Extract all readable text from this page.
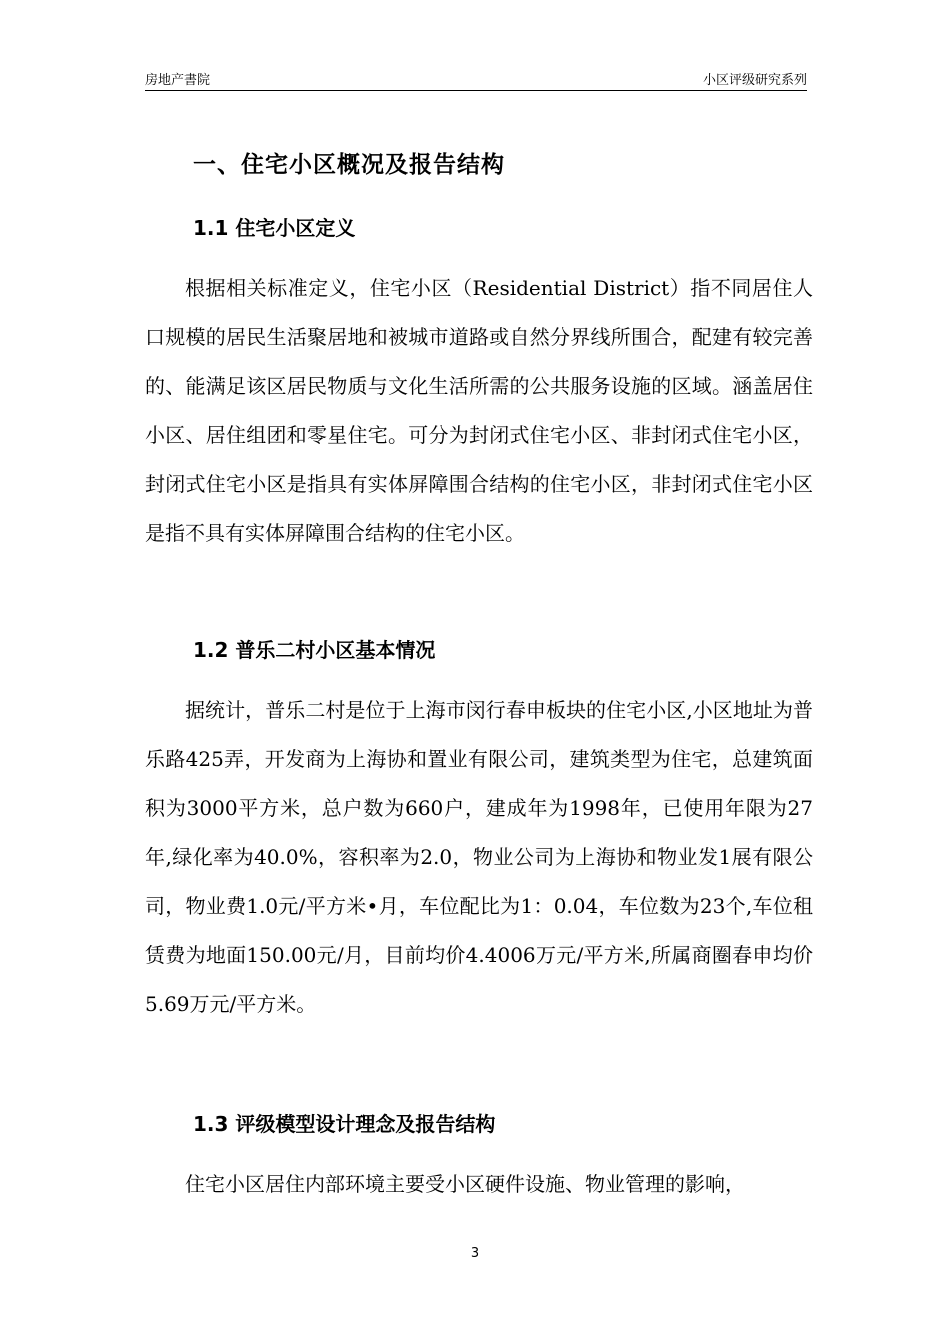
房地产書院	小区评级研究系列
一、住宅小区概况及报告结构
1.1 住宅小区定义
根据相关标准定义，住宅小区（Residential District）指不同居住人口规模的居民生活聚居地和被城市道路或自然分界线所围合，配建有较完善的、能满足该区居民物质与文化生活所需的公共服务设施的区域。涵盖居住小区、居住组团和零星住宅。可分为封闭式住宅小区、非封闭式住宅小区，封闭式住宅小区是指具有实体屏障围合结构的住宅小区，非封闭式住宅小区是指不具有实体屏障围合结构的住宅小区。
1.2 普乐二村小区基本情况
据统计，普乐二村是位于上海市闵行春申板块的住宅小区,小区地址为普乐路425弄，开发商为上海协和置业有限公司，建筑类型为住宅，总建筑面积为3000平方米，总户数为660户，建成年为1998年，已使用年限为27年,绿化率为40.0%，容积率为2.0，物业公司为上海协和物业发1展有限公司，物业费1.0元/平方米•月，车位配比为1：0.04，车位数为23个,车位租赁费为地面150.00元/月，目前均价4.4006万元/平方米,所属商圈春申均价5.69万元/平方米。
1.3 评级模型设计理念及报告结构
住宅小区居住内部环境主要受小区硬件设施、物业管理的影响，
3
